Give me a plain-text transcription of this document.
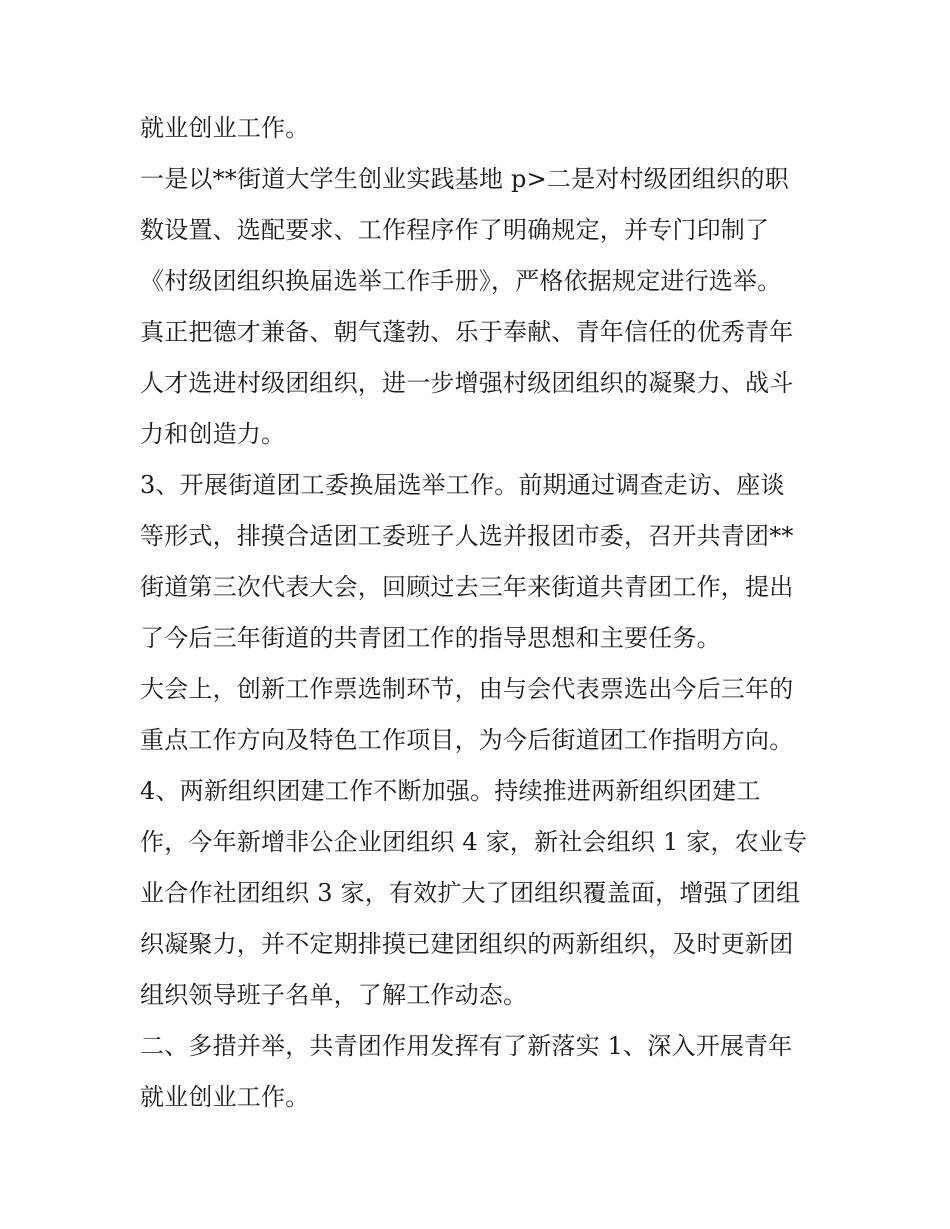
就业创业工作。
一是以**街道大学生创业实践基地 p>二是对村级团组织的职
数设置、选配要求、工作程序作了明确规定，并专门印制了
《村级团组织换届选举工作手册》，严格依据规定进行选举。
真正把德才兼备、朝气蓬勃、乐于奉献、青年信任的优秀青年
人才选进村级团组织，进一步增强村级团组织的凝聚力、战斗
力和创造力。
3、开展街道团工委换届选举工作。前期通过调查走访、座谈
等形式，排摸合适团工委班子人选并报团市委，召开共青团**
街道第三次代表大会，回顾过去三年来街道共青团工作，提出
了今后三年街道的共青团工作的指导思想和主要任务。
大会上，创新工作票选制环节，由与会代表票选出今后三年的
重点工作方向及特色工作项目，为今后街道团工作指明方向。
4、两新组织团建工作不断加强。持续推进两新组织团建工
作，今年新增非公企业团组织 4 家，新社会组织 1 家，农业专
业合作社团组织 3 家，有效扩大了团组织覆盖面，增强了团组
织凝聚力，并不定期排摸已建团组织的两新组织，及时更新团
组织领导班子名单，了解工作动态。
二、多措并举，共青团作用发挥有了新落实 1、深入开展青年
就业创业工作。
